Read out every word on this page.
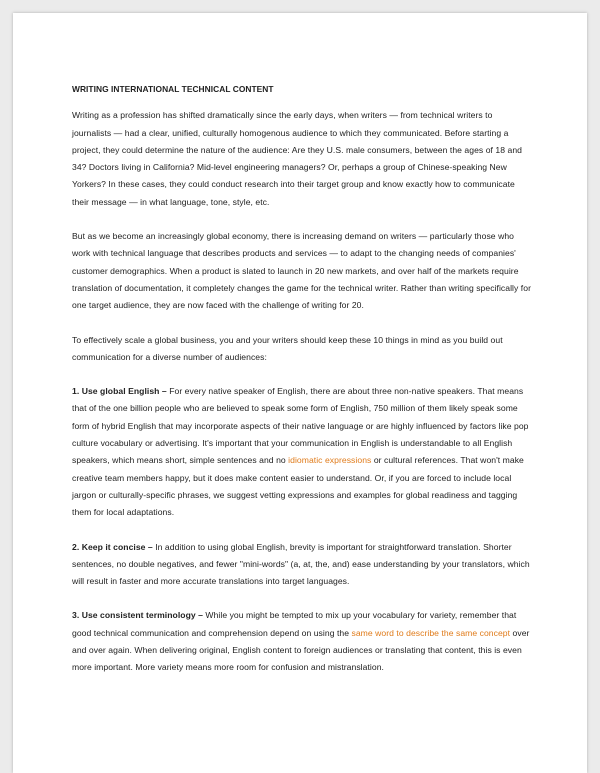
WRITING INTERNATIONAL TECHNICAL CONTENT

Writing as a profession has shifted dramatically since the early days, when writers — from technical writers to journalists — had a clear, unified, culturally homogenous audience to which they communicated. Before starting a project, they could determine the nature of the audience: Are they U.S. male consumers, between the ages of 18 and 34? Doctors living in California? Mid-level engineering managers? Or, perhaps a group of Chinese-speaking New Yorkers? In these cases, they could conduct research into their target group and know exactly how to communicate their message — in what language, tone, style, etc.

But as we become an increasingly global economy, there is increasing demand on writers — particularly those who work with technical language that describes products and services — to adapt to the changing needs of companies' customer demographics. When a product is slated to launch in 20 new markets, and over half of the markets require translation of documentation, it completely changes the game for the technical writer. Rather than writing specifically for one target audience, they are now faced with the challenge of writing for 20.

To effectively scale a global business, you and your writers should keep these 10 things in mind as you build out communication for a diverse number of audiences:

1. Use global English – For every native speaker of English, there are about three non-native speakers. That means that of the one billion people who are believed to speak some form of English, 750 million of them likely speak some form of hybrid English that may incorporate aspects of their native language or are highly influenced by factors like pop culture vocabulary or advertising. It's important that your communication in English is understandable to all English speakers, which means short, simple sentences and no idiomatic expressions or cultural references. That won't make creative team members happy, but it does make content easier to understand. Or, if you are forced to include local jargon or culturally-specific phrases, we suggest vetting expressions and examples for global readiness and tagging them for local adaptations.

2. Keep it concise – In addition to using global English, brevity is important for straightforward translation. Shorter sentences, no double negatives, and fewer "mini-words" (a, at, the, and) ease understanding by your translators, which will result in faster and more accurate translations into target languages.

3. Use consistent terminology – While you might be tempted to mix up your vocabulary for variety, remember that good technical communication and comprehension depend on using the same word to describe the same concept over and over again. When delivering original, English content to foreign audiences or translating that content, this is even more important. More variety means more room for confusion and mistranslation.
